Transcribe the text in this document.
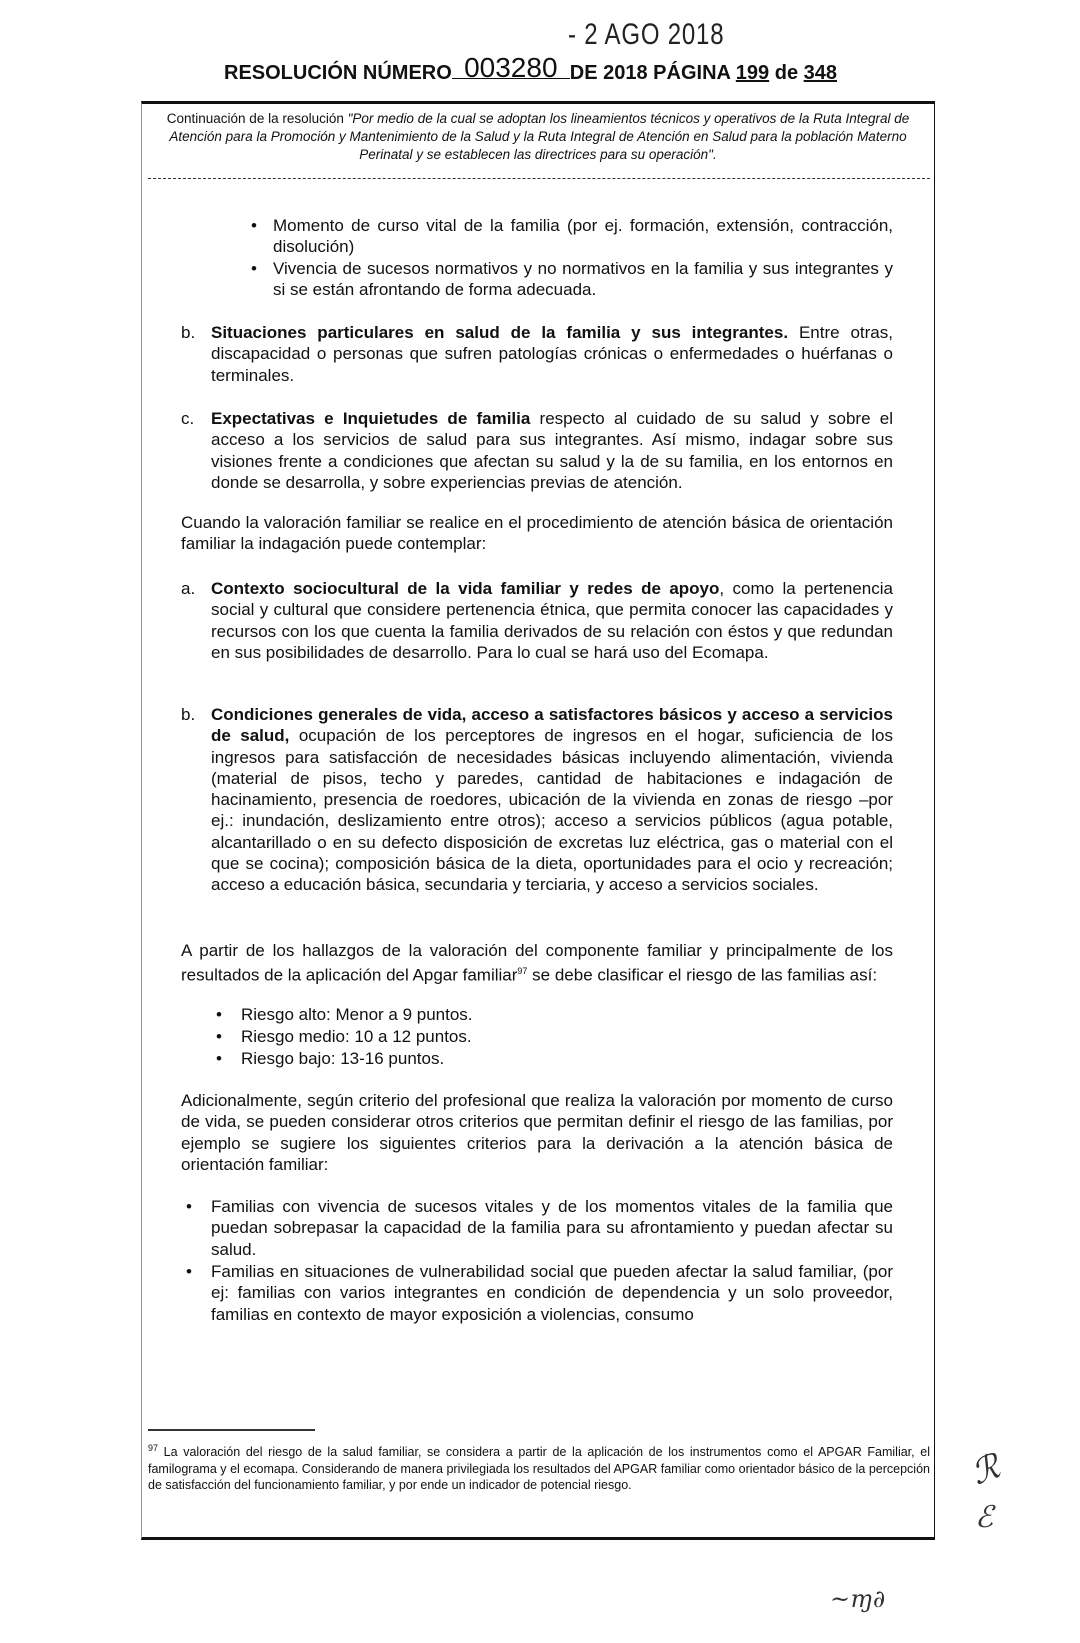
- 2 AGO 2018
RESOLUCIÓN NÚMERO 003280 DE 2018 PÁGINA 199 de 348
Continuación de la resolución "Por medio de la cual se adoptan los lineamientos técnicos y operativos de la Ruta Integral de Atención para la Promoción y Mantenimiento de la Salud y la Ruta Integral de Atención en Salud para la población Materno Perinatal y se establecen las directrices para su operación".
• Momento de curso vital de la familia (por ej. formación, extensión, contracción, disolución)
• Vivencia de sucesos normativos y no normativos en la familia y sus integrantes y si se están afrontando de forma adecuada.
b. Situaciones particulares en salud de la familia y sus integrantes. Entre otras, discapacidad o personas que sufren patologías crónicas o enfermedades o huérfanas o terminales.
c. Expectativas e Inquietudes de familia respecto al cuidado de su salud y sobre el acceso a los servicios de salud para sus integrantes. Así mismo, indagar sobre sus visiones frente a condiciones que afectan su salud y la de su familia, en los entornos en donde se desarrolla, y sobre experiencias previas de atención.
Cuando la valoración familiar se realice en el procedimiento de atención básica de orientación familiar la indagación puede contemplar:
a. Contexto sociocultural de la vida familiar y redes de apoyo, como la pertenencia social y cultural que considere pertenencia étnica, que permita conocer las capacidades y recursos con los que cuenta la familia derivados de su relación con éstos y que redundan en sus posibilidades de desarrollo. Para lo cual se hará uso del Ecomapa.
b. Condiciones generales de vida, acceso a satisfactores básicos y acceso a servicios de salud, ocupación de los perceptores de ingresos en el hogar, suficiencia de los ingresos para satisfacción de necesidades básicas incluyendo alimentación, vivienda (material de pisos, techo y paredes, cantidad de habitaciones e indagación de hacinamiento, presencia de roedores, ubicación de la vivienda en zonas de riesgo –por ej.: inundación, deslizamiento entre otros); acceso a servicios públicos (agua potable, alcantarillado o en su defecto disposición de excretas luz eléctrica, gas o material con el que se cocina); composición básica de la dieta, oportunidades para el ocio y recreación; acceso a educación básica, secundaria y terciaria, y acceso a servicios sociales.
A partir de los hallazgos de la valoración del componente familiar y principalmente de los resultados de la aplicación del Apgar familiar$^{97}$ se debe clasificar el riesgo de las familias así:
• Riesgo alto: Menor a 9 puntos.
• Riesgo medio: 10 a 12 puntos.
• Riesgo bajo: 13-16 puntos.
Adicionalmente, según criterio del profesional que realiza la valoración por momento de curso de vida, se pueden considerar otros criterios que permitan definir el riesgo de las familias, por ejemplo se sugiere los siguientes criterios para la derivación a la atención básica de orientación familiar:
• Familias con vivencia de sucesos vitales y de los momentos vitales de la familia que puedan sobrepasar la capacidad de la familia para su afrontamiento y puedan afectar su salud.
• Familias en situaciones de vulnerabilidad social que pueden afectar la salud familiar, (por ej: familias con varios integrantes en condición de dependencia y un solo proveedor, familias en contexto de mayor exposición a violencias, consumo
$^{97}$ La valoración del riesgo de la salud familiar, se considera a partir de la aplicación de los instrumentos como el APGAR Familiar, el familograma y el ecomapa. Considerando de manera privilegiada los resultados del APGAR familiar como orientador básico de la percepción de satisfacción del funcionamiento familiar, y por ende un indicador de potencial riesgo.	ℛ
ℰ
~ɱ∂
